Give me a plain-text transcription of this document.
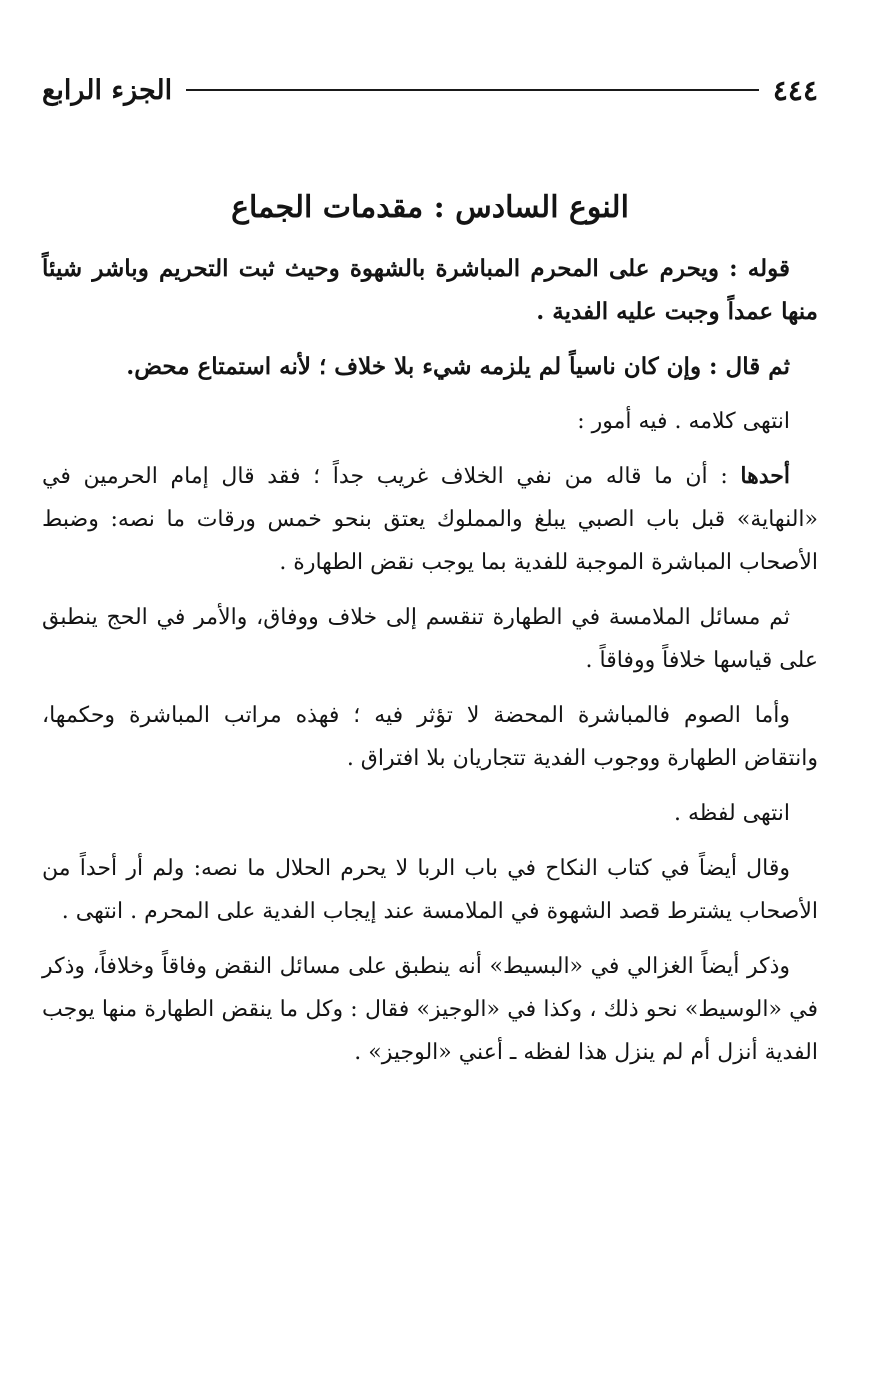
٤٤٤
الجزء الرابع
النوع السادس : مقدمات الجماع

قوله : ويحرم على المحرم المباشرة بالشهوة وحيث ثبت التحريم وباشر شيئاً منها عمداً وجبت عليه الفدية .

ثم قال : وإن كان ناسياً لم يلزمه شيء بلا خلاف ؛ لأنه استمتاع محض.

انتهى كلامه . فيه أمور :

أحدها : أن ما قاله من نفي الخلاف غريب جداً ؛ فقد قال إمام الحرمين في «النهاية» قبل باب الصبي يبلغ والمملوك يعتق بنحو خمس ورقات ما نصه: وضبط الأصحاب المباشرة الموجبة للفدية بما يوجب نقض الطهارة .

ثم مسائل الملامسة في الطهارة تنقسم إلى خلاف ووفاق، والأمر في الحج ينطبق على قياسها خلافاً ووفاقاً .

وأما الصوم فالمباشرة المحضة لا تؤثر فيه ؛ فهذه مراتب المباشرة وحكمها، وانتقاض الطهارة ووجوب الفدية تتجاريان بلا افتراق .

انتهى لفظه .

وقال أيضاً في كتاب النكاح في باب الربا لا يحرم الحلال ما نصه: ولم أر أحداً من الأصحاب يشترط قصد الشهوة في الملامسة عند إيجاب الفدية على المحرم . انتهى .

وذكر أيضاً الغزالي في «البسيط» أنه ينطبق على مسائل النقض وفاقاً وخلافاً، وذكر في «الوسيط» نحو ذلك ، وكذا في «الوجيز» فقال : وكل ما ينقض الطهارة منها يوجب الفدية أنزل أم لم ينزل هذا لفظه ـ أعني «الوجيز» .
